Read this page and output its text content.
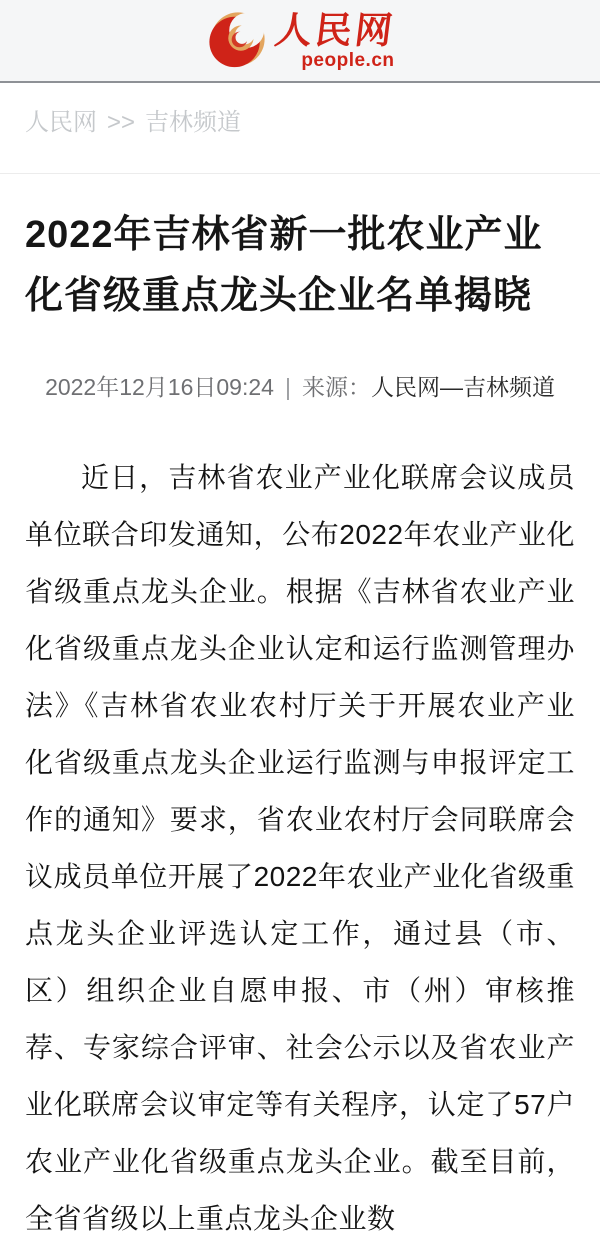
人民网
people.cn
人民网 >> 吉林频道
2022年吉林省新一批农业产业化省级重点龙头企业名单揭晓
2022年12月16日09:24 | 来源：人民网—吉林频道

近日，吉林省农业产业化联席会议成员单位联合印发通知，公布2022年农业产业化省级重点龙头企业。根据《吉林省农业产业化省级重点龙头企业认定和运行监测管理办法》《吉林省农业农村厅关于开展农业产业化省级重点龙头企业运行监测与申报评定工作的通知》要求，省农业农村厅会同联席会议成员单位开展了2022年农业产业化省级重点龙头企业评选认定工作，通过县（市、区）组织企业自愿申报、市（州）审核推荐、专家综合评审、社会公示以及省农业产业化联席会议审定等有关程序，认定了57户农业产业化省级重点龙头企业。截至目前，全省省级以上重点龙头企业数
